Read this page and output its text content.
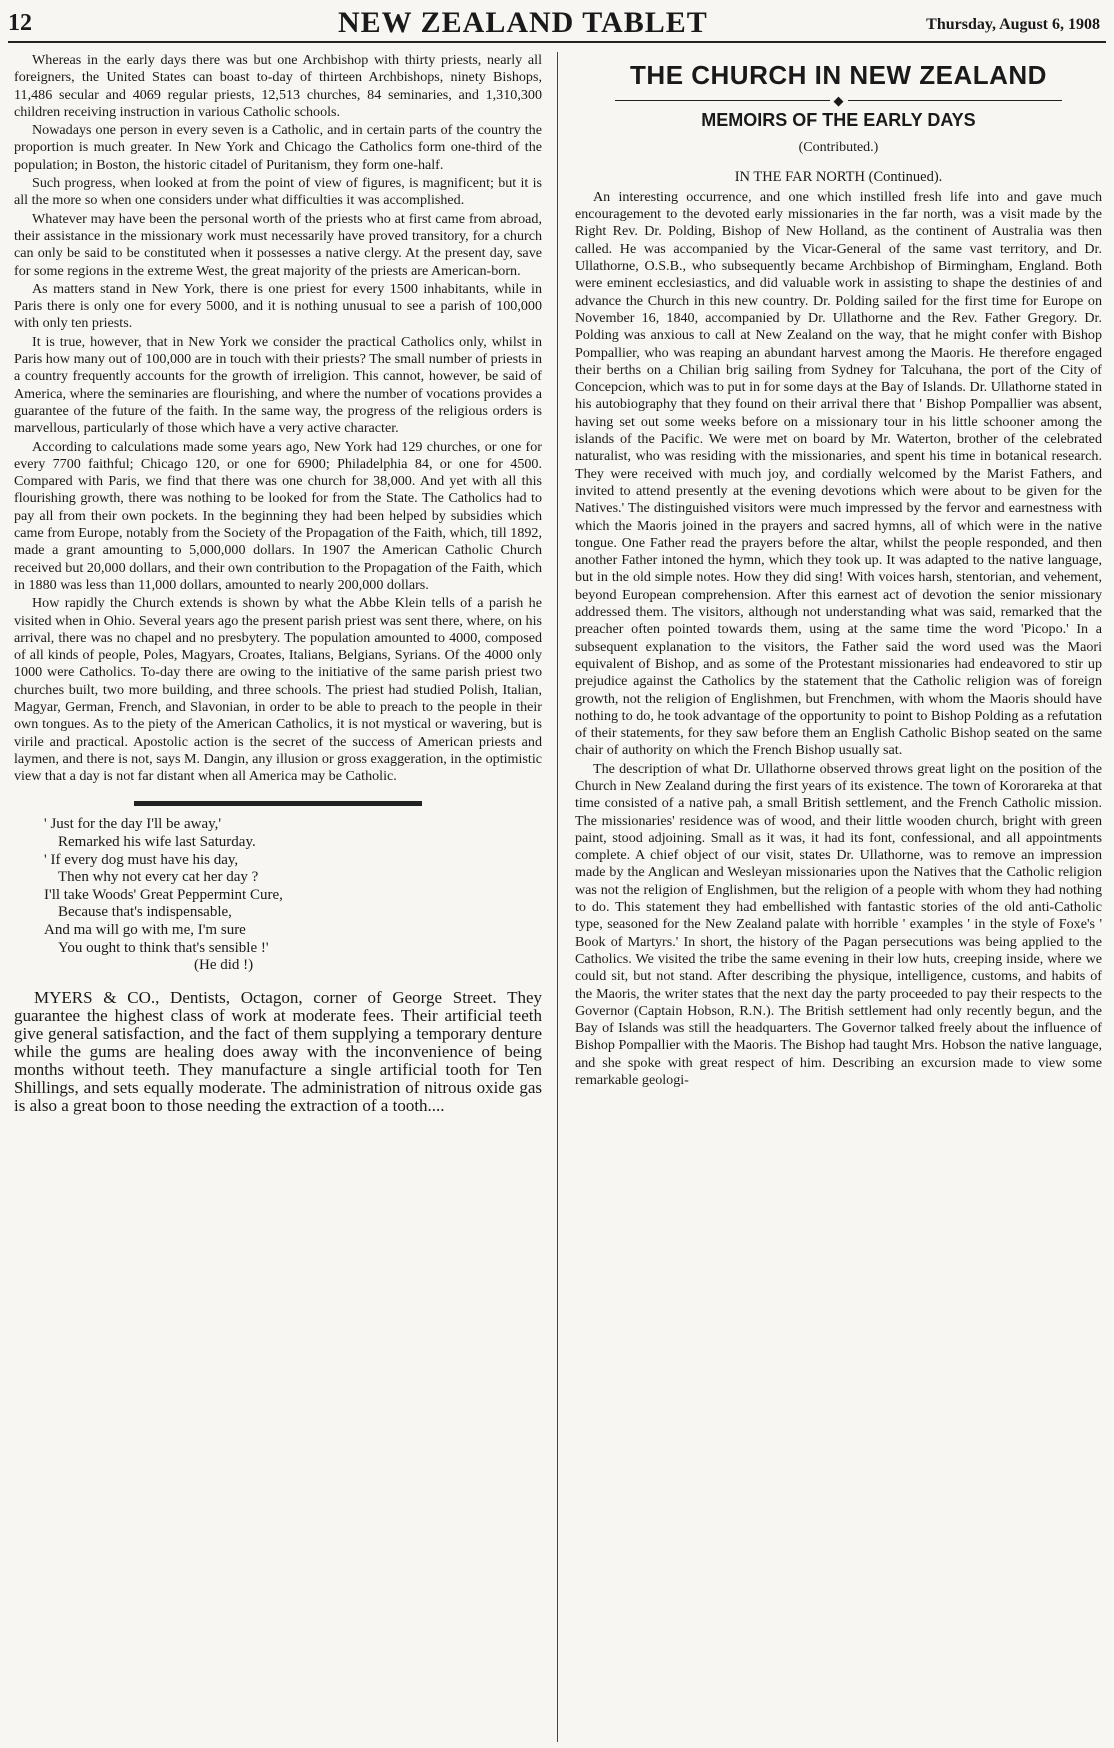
12	NEW ZEALAND TABLET	Thursday, August 6, 1908

Whereas in the early days there was but one Archbishop with thirty priests, nearly all foreigners, the United States can boast to-day of thirteen Archbishops, ninety Bishops, 11,486 secular and 4069 regular priests, 12,513 churches, 84 seminaries, and 1,310,300 children receiving instruction in various Catholic schools.

Nowadays one person in every seven is a Catholic, and in certain parts of the country the proportion is much greater. In New York and Chicago the Catholics form one-third of the population; in Boston, the historic citadel of Puritanism, they form one-half.

Such progress, when looked at from the point of view of figures, is magnificent; but it is all the more so when one considers under what difficulties it was accomplished.

Whatever may have been the personal worth of the priests who at first came from abroad, their assistance in the missionary work must necessarily have proved transitory, for a church can only be said to be constituted when it possesses a native clergy. At the present day, save for some regions in the extreme West, the great majority of the priests are American-born.

As matters stand in New York, there is one priest for every 1500 inhabitants, while in Paris there is only one for every 5000, and it is nothing unusual to see a parish of 100,000 with only ten priests.

It is true, however, that in New York we consider the practical Catholics only, whilst in Paris how many out of 100,000 are in touch with their priests? The small number of priests in a country frequently accounts for the growth of irreligion. This cannot, however, be said of America, where the seminaries are flourishing, and where the number of vocations provides a guarantee of the future of the faith. In the same way, the progress of the religious orders is marvellous, particularly of those which have a very active character.

According to calculations made some years ago, New York had 129 churches, or one for every 7700 faithful; Chicago 120, or one for 6900; Philadelphia 84, or one for 4500. Compared with Paris, we find that there was one church for 38,000. And yet with all this flourishing growth, there was nothing to be looked for from the State. The Catholics had to pay all from their own pockets. In the beginning they had been helped by subsidies which came from Europe, notably from the Society of the Propagation of the Faith, which, till 1892, made a grant amounting to 5,000,000 dollars. In 1907 the American Catholic Church received but 20,000 dollars, and their own contribution to the Propagation of the Faith, which in 1880 was less than 11,000 dollars, amounted to nearly 200,000 dollars.

How rapidly the Church extends is shown by what the Abbe Klein tells of a parish he visited when in Ohio. Several years ago the present parish priest was sent there, where, on his arrival, there was no chapel and no presbytery. The population amounted to 4000, composed of all kinds of people, Poles, Magyars, Croates, Italians, Belgians, Syrians. Of the 4000 only 1000 were Catholics. To-day there are owing to the initiative of the same parish priest two churches built, two more building, and three schools. The priest had studied Polish, Italian, Magyar, German, French, and Slavonian, in order to be able to preach to the people in their own tongues. As to the piety of the American Catholics, it is not mystical or wavering, but is virile and practical. Apostolic action is the secret of the success of American priests and laymen, and there is not, says M. Dangin, any illusion or gross exaggeration, in the optimistic view that a day is not far distant when all America may be Catholic.

' Just for the day I'll be away,'
Remarked his wife last Saturday.
' If every dog must have his day,
Then why not every cat her day ?
I'll take Woods' Great Peppermint Cure,
Because that's indispensable,
And ma will go with me, I'm sure
You ought to think that's sensible !'
(He did !)

MYERS & CO., Dentists, Octagon, corner of George Street. They guarantee the highest class of work at moderate fees. Their artificial teeth give general satisfaction, and the fact of them supplying a temporary denture while the gums are healing does away with the inconvenience of being months without teeth. They manufacture a single artificial tooth for Ten Shillings, and sets equally moderate. The administration of nitrous oxide gas is also a great boon to those needing the extraction of a tooth....

THE CHURCH IN NEW ZEALAND
◆
MEMOIRS OF THE EARLY DAYS
(Contributed.)
IN THE FAR NORTH (Continued).

An interesting occurrence, and one which instilled fresh life into and gave much encouragement to the devoted early missionaries in the far north, was a visit made by the Right Rev. Dr. Polding, Bishop of New Holland, as the continent of Australia was then called. He was accompanied by the Vicar-General of the same vast territory, and Dr. Ullathorne, O.S.B., who subsequently became Archbishop of Birmingham, England. Both were eminent ecclesiastics, and did valuable work in assisting to shape the destinies of and advance the Church in this new country. Dr. Polding sailed for the first time for Europe on November 16, 1840, accompanied by Dr. Ullathorne and the Rev. Father Gregory. Dr. Polding was anxious to call at New Zealand on the way, that he might confer with Bishop Pompallier, who was reaping an abundant harvest among the Maoris. He therefore engaged their berths on a Chilian brig sailing from Sydney for Talcuhana, the port of the City of Concepcion, which was to put in for some days at the Bay of Islands. Dr. Ullathorne stated in his autobiography that they found on their arrival there that ' Bishop Pompallier was absent, having set out some weeks before on a missionary tour in his little schooner among the islands of the Pacific. We were met on board by Mr. Waterton, brother of the celebrated naturalist, who was residing with the missionaries, and spent his time in botanical research. They were received with much joy, and cordially welcomed by the Marist Fathers, and invited to attend presently at the evening devotions which were about to be given for the Natives.' The distinguished visitors were much impressed by the fervor and earnestness with which the Maoris joined in the prayers and sacred hymns, all of which were in the native tongue. One Father read the prayers before the altar, whilst the people responded, and then another Father intoned the hymn, which they took up. It was adapted to the native language, but in the old simple notes. How they did sing! With voices harsh, stentorian, and vehement, beyond European comprehension. After this earnest act of devotion the senior missionary addressed them. The visitors, although not understanding what was said, remarked that the preacher often pointed towards them, using at the same time the word 'Picopo.' In a subsequent explanation to the visitors, the Father said the word used was the Maori equivalent of Bishop, and as some of the Protestant missionaries had endeavored to stir up prejudice against the Catholics by the statement that the Catholic religion was of foreign growth, not the religion of Englishmen, but Frenchmen, with whom the Maoris should have nothing to do, he took advantage of the opportunity to point to Bishop Polding as a refutation of their statements, for they saw before them an English Catholic Bishop seated on the same chair of authority on which the French Bishop usually sat.

The description of what Dr. Ullathorne observed throws great light on the position of the Church in New Zealand during the first years of its existence. The town of Kororareka at that time consisted of a native pah, a small British settlement, and the French Catholic mission. The missionaries' residence was of wood, and their little wooden church, bright with green paint, stood adjoining. Small as it was, it had its font, confessional, and all appointments complete. A chief object of our visit, states Dr. Ullathorne, was to remove an impression made by the Anglican and Wesleyan missionaries upon the Natives that the Catholic religion was not the religion of Englishmen, but the religion of a people with whom they had nothing to do. This statement they had embellished with fantastic stories of the old anti-Catholic type, seasoned for the New Zealand palate with horrible ' examples ' in the style of Foxe's ' Book of Martyrs.' In short, the history of the Pagan persecutions was being applied to the Catholics. We visited the tribe the same evening in their low huts, creeping inside, where we could sit, but not stand. After describing the physique, intelligence, customs, and habits of the Maoris, the writer states that the next day the party proceeded to pay their respects to the Governor (Captain Hobson, R.N.). The British settlement had only recently begun, and the Bay of Islands was still the headquarters. The Governor talked freely about the influence of Bishop Pompallier with the Maoris. The Bishop had taught Mrs. Hobson the native language, and she spoke with great respect of him. Describing an excursion made to view some remarkable geologi-
